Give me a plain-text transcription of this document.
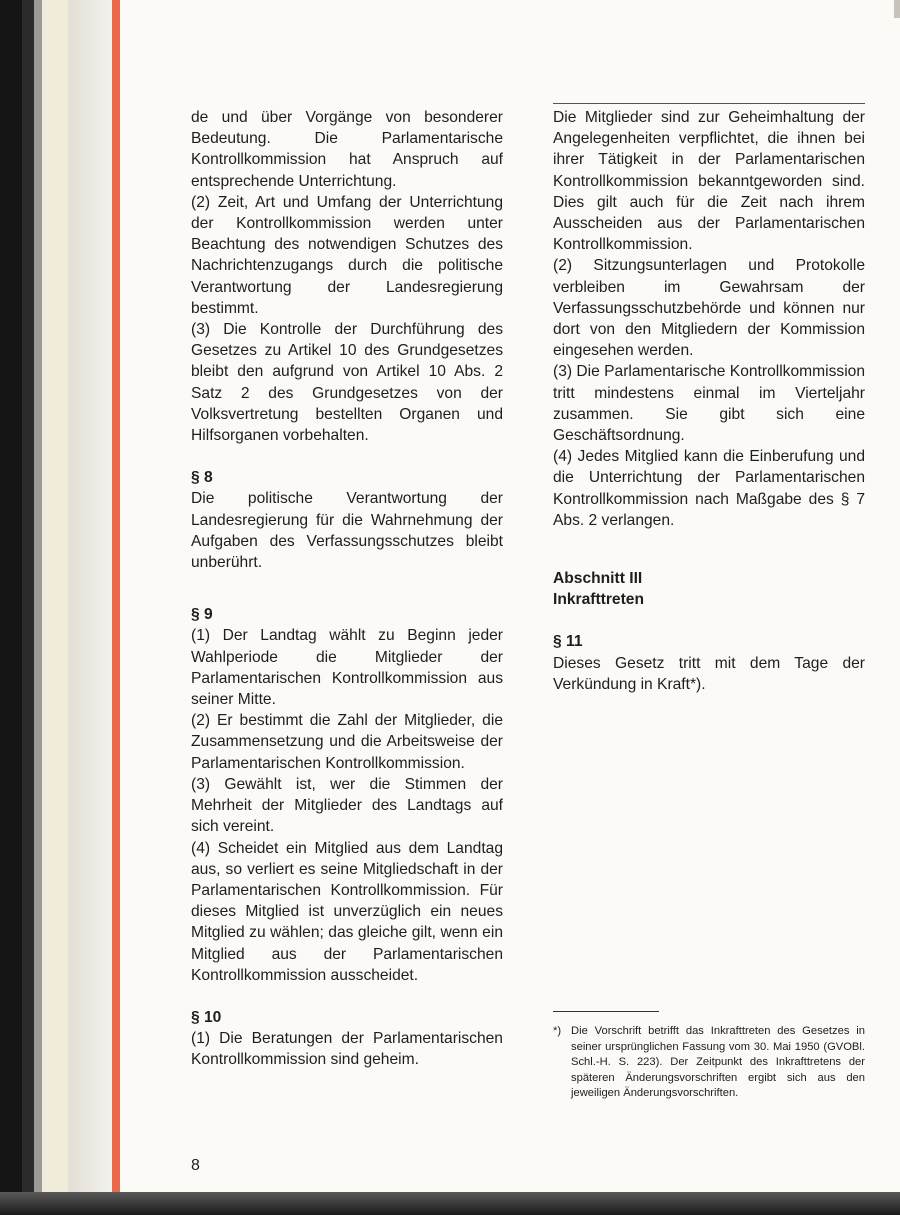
de und über Vorgänge von besonderer Bedeutung. Die Parlamentarische Kontrollkommission hat Anspruch auf entsprechende Unterrichtung.

(2) Zeit, Art und Umfang der Unterrichtung der Kontrollkommission werden unter Beachtung des notwendigen Schutzes des Nachrichtenzugangs durch die politische Verantwortung der Landesregierung bestimmt.

(3) Die Kontrolle der Durchführung des Gesetzes zu Artikel 10 des Grundgesetzes bleibt den aufgrund von Artikel 10 Abs. 2 Satz 2 des Grundgesetzes von der Volksvertretung bestellten Organen und Hilfsorganen vorbehalten.

§ 8

Die politische Verantwortung der Landesregierung für die Wahrnehmung der Aufgaben des Verfassungsschutzes bleibt unberührt.

§ 9

(1) Der Landtag wählt zu Beginn jeder Wahlperiode die Mitglieder der Parlamentarischen Kontrollkommission aus seiner Mitte.

(2) Er bestimmt die Zahl der Mitglieder, die Zusammensetzung und die Arbeitsweise der Parlamentarischen Kontrollkommission.

(3) Gewählt ist, wer die Stimmen der Mehrheit der Mitglieder des Landtags auf sich vereint.

(4) Scheidet ein Mitglied aus dem Landtag aus, so verliert es seine Mitgliedschaft in der Parlamentarischen Kontrollkommission. Für dieses Mitglied ist unverzüglich ein neues Mitglied zu wählen; das gleiche gilt, wenn ein Mitglied aus der Parlamentarischen Kontrollkommission ausscheidet.

§ 10

(1) Die Beratungen der Parlamentarischen Kontrollkommission sind geheim.

Die Mitglieder sind zur Geheimhaltung der Angelegenheiten verpflichtet, die ihnen bei ihrer Tätigkeit in der Parlamentarischen Kontrollkommission bekanntgeworden sind. Dies gilt auch für die Zeit nach ihrem Ausscheiden aus der Parlamentarischen Kontrollkommission.

(2) Sitzungsunterlagen und Protokolle verbleiben im Gewahrsam der Verfassungsschutzbehörde und können nur dort von den Mitgliedern der Kommission eingesehen werden.

(3) Die Parlamentarische Kontrollkommission tritt mindestens einmal im Vierteljahr zusammen. Sie gibt sich eine Geschäftsordnung.

(4) Jedes Mitglied kann die Einberufung und die Unterrichtung der Parlamentarischen Kontrollkommission nach Maßgabe des § 7 Abs. 2 verlangen.

Abschnitt III

Inkrafttreten

§ 11

Dieses Gesetz tritt mit dem Tage der Verkündung in Kraft*).

*) Die Vorschrift betrifft das Inkrafttreten des Gesetzes in seiner ursprünglichen Fassung vom 30. Mai 1950 (GVOBl. Schl.-H. S. 223). Der Zeitpunkt des Inkrafttretens der späteren Änderungsvorschriften ergibt sich aus den jeweiligen Änderungsvorschriften.
8
